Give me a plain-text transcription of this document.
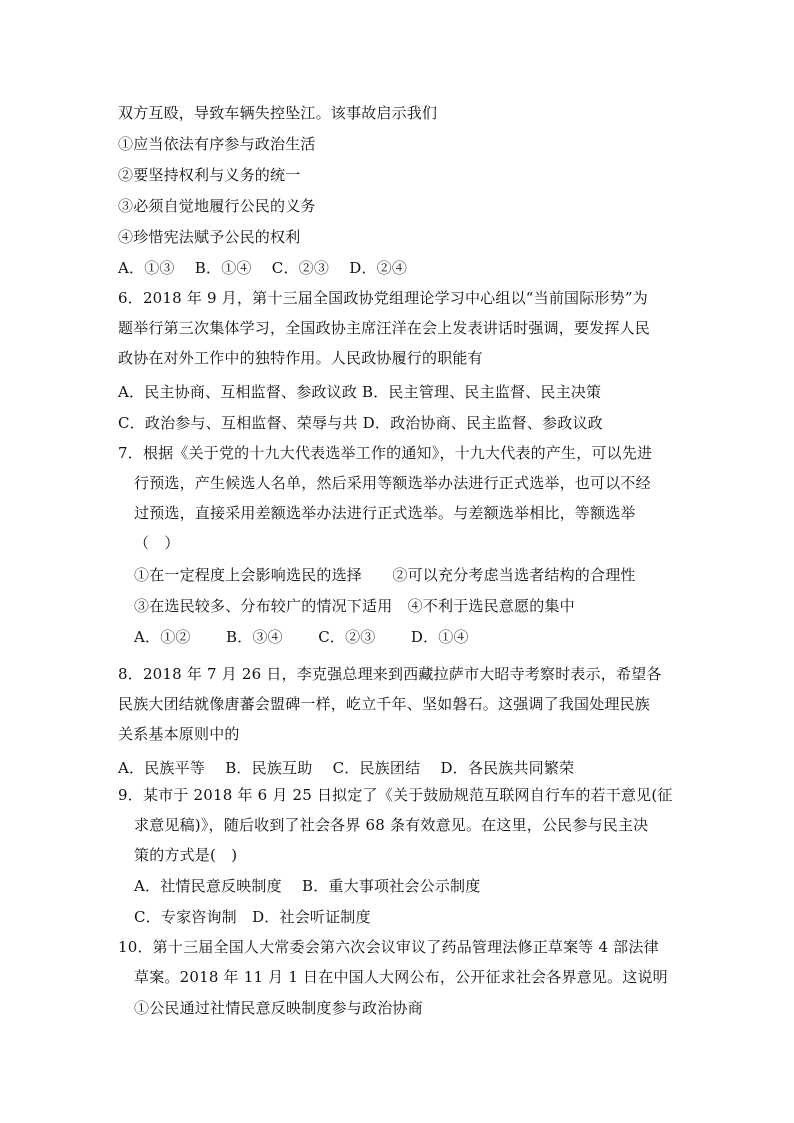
双方互殴，导致车辆失控坠江。该事故启示我们

①应当依法有序参与政治生活

②要坚持权利与义务的统一

③必须自觉地履行公民的义务

④珍惜宪法赋予公民的权利

A．①③　 B．①④　 C．②③　 D．②④

6．2018 年 9 月，第十三届全国政协党组理论学习中心组以“当前国际形势”为

题举行第三次集体学习，全国政协主席汪洋在会上发表讲话时强调，要发挥人民

政协在对外工作中的独特作用。人民政协履行的职能有

A．民主协商、互相监督、参政议政 B．民主管理、民主监督、民主决策

C．政治参与、互相监督、荣辱与共 D．政治协商、民主监督、参政议政

7．根据《关于党的十九大代表选举工作的通知》，十九大代表的产生，可以先进

行预选，产生候选人名单，然后采用等额选举办法进行正式选举，也可以不经

过预选，直接采用差额选举办法进行正式选举。与差额选举相比，等额选举

（　）

①在一定程度上会影响选民的选择　　②可以充分考虑当选者结构的合理性

③在选民较多、分布较广的情况下适用　④不利于选民意愿的集中

A．①②　　 B．③④　　 C．②③　　 D．①④

8．2018 年 7 月 26 日，李克强总理来到西藏拉萨市大昭寺考察时表示，希望各

民族大团结就像唐蕃会盟碑一样，屹立千年、坚如磐石。这强调了我国处理民族

关系基本原则中的

A．民族平等　 B．民族互助　 C．民族团结　 D．各民族共同繁荣

9．某市于 2018 年 6 月 25 日拟定了《关于鼓励规范互联网自行车的若干意见(征

求意见稿)》，随后收到了社会各界 68 条有效意见。在这里，公民参与民主决

策的方式是(　)

A．社情民意反映制度　 B．重大事项社会公示制度

C．专家咨询制　D．社会听证制度

10．第十三届全国人大常委会第六次会议审议了药品管理法修正草案等 4 部法律

草案。2018 年 11 月 1 日在中国人大网公布，公开征求社会各界意见。这说明

①公民通过社情民意反映制度参与政治协商
